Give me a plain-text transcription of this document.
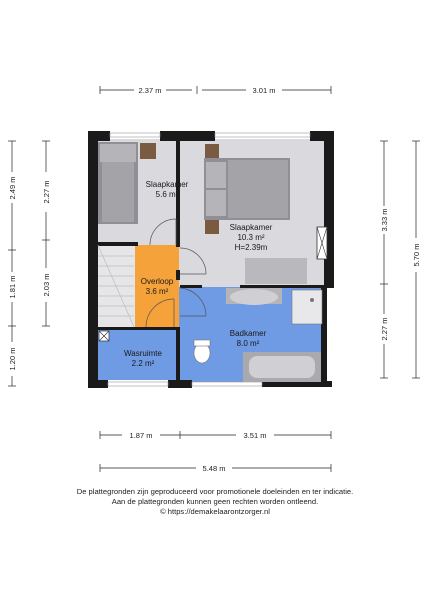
Slaapkamer
5.6 m²
Slaapkamer
10.3 m²
H=2.39m
Overloop
3.6 m²
Badkamer
8.0 m²
Wasruimte
2.2 m²
2.37 m	3.01 m
2.49 m
1.81 m
1.20 m
2.27 m
2.03 m
3.33 m
2.27 m
5.70 m
1.87 m	3.51 m
5.48 m
De plattegronden zijn geproduceerd voor promotionele doeleinden en ter indicatie.
Aan de plattegronden kunnen geen rechten worden ontleend.
© https://demakelaarontzorger.nl
